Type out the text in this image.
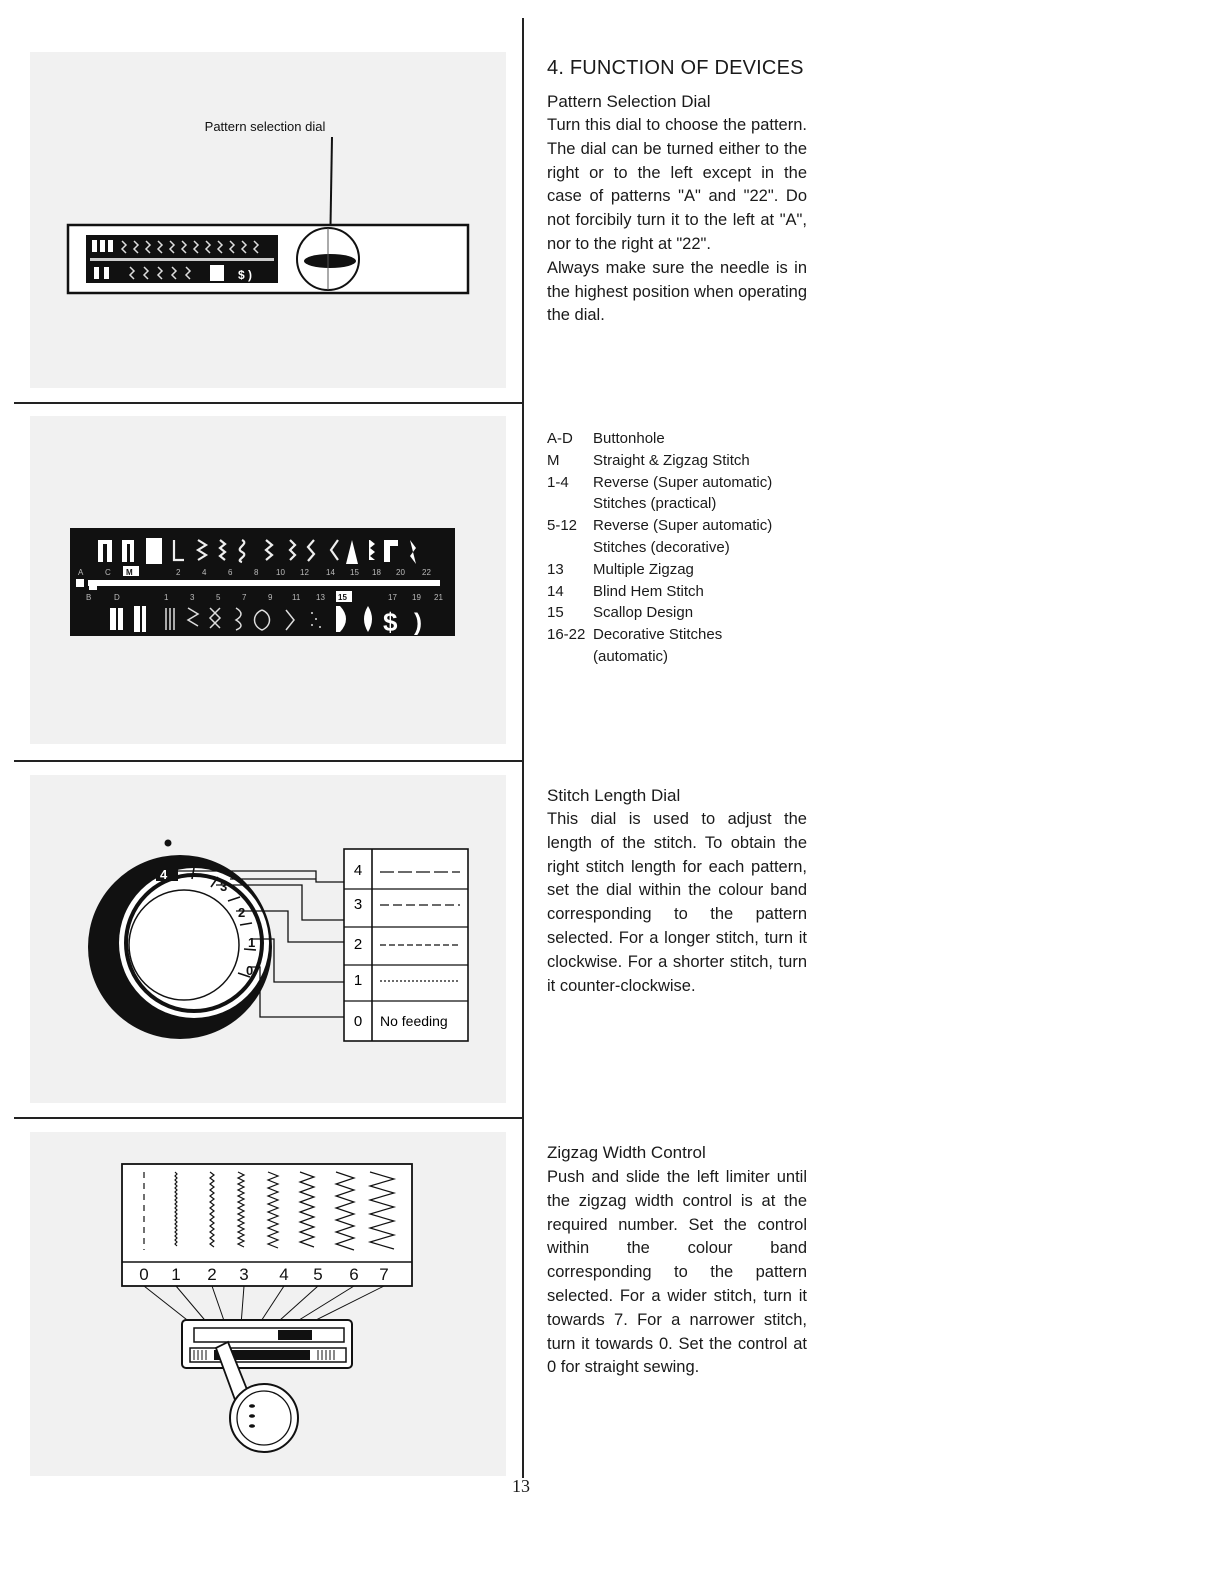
Pattern selection dial
$ )
A	C	2	4	6	8 10 12 14 15 18 20 22
M
B	D	1	3	5	7	9 11 13	17 19 21
15
$ )
4
3
2
1
0
4
3
2
1
0 No feeding
0 1 2 3 4 5 6 7
4. FUNCTION OF DEVICES
Pattern Selection Dial

Turn this dial to choose the pattern. The dial can be turned either to the right or to the left except in the case of patterns "A" and "22". Do not forcibily turn it to the left at "A", nor to the right at "22".

Always make sure the needle is in the highest position when operating the dial.

A-D	Buttonhole
M	Straight & Zigzag Stitch
1-4	Reverse (Super automatic) Stitches (practical)
5-12	Reverse (Super automatic) Stitches (decorative)
13	Multiple Zigzag
14	Blind Hem Stitch
15	Scallop Design
16-22 Decorative Stitches (automatic)
Stitch Length Dial
This dial is used to adjust the length of the stitch. To obtain the right stitch length for each pattern, set the dial within the colour band corresponding to the pattern selected. For a longer stitch, turn it clockwise. For a shorter stitch, turn it counter-clockwise.
Zigzag Width Control
Push and slide the left limiter until the zigzag width control is at the required number. Set the control within the colour band corresponding to the pattern selected. For a wider stitch, turn it towards 7. For a narrower stitch, turn it towards 0. Set the control at 0 for straight sewing.
13
